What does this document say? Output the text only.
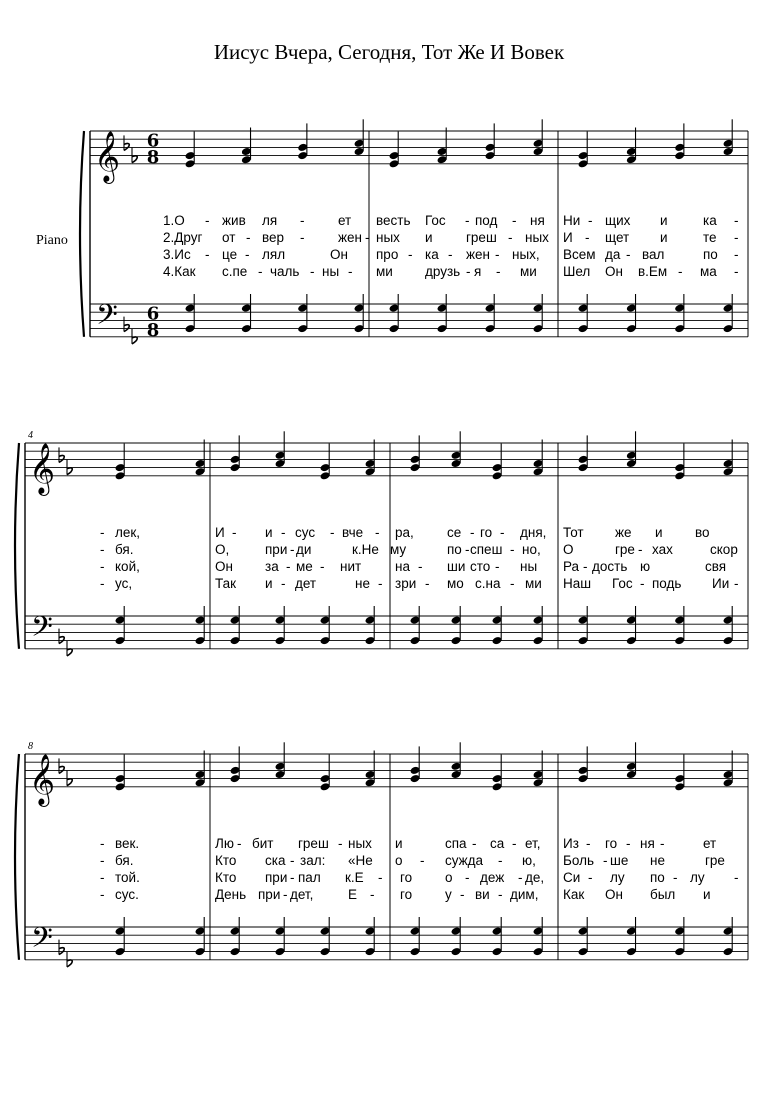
Иисус Вчера, Сегодня, Тот Же И Вовек
𝄞
𝄢
6
8
6
8
𝄞
𝄢
𝄞
𝄢
Piano
4
8
1.О - жив ля - ет весть Гос - под - ня Ни - щих и	ка -
2.Друг от - вер - жен - ных и греш - ных И - щет и	те -
3.Ис - це - лял	Он про - ка - жен - ных, Всем да - вал	по -
4.Как с.пе - чаль - ны - ми друзь - я - ми Шел Он в.Ем - ма -
- лек,	И - и - сус - вче - ра, се - го - дня, Тот же и во
- бя.	О,	при - ди	к.Не му	по - спеш - но, О	гре - хах	скор
- кой,	Он за - ме - нит	на - ши сто - ны Ра - дость ю	свя
- ус,	Так и - дет	не - зри - мо с.на - ми Наш Гос - подь Ии -
- век.	Лю - бит греш - ных и	спа - са - ет, Из - го - ня -	ет
- бя.	Кто ска - зал: «Не о - сужда - ю, Боль - ше не	гре
- той.	Кто при - пал к.Е - го о - деж - де, Си - лу по - лу -
- сус.	День при - дет,	Е - го у - ви - дим, Как Он был и
